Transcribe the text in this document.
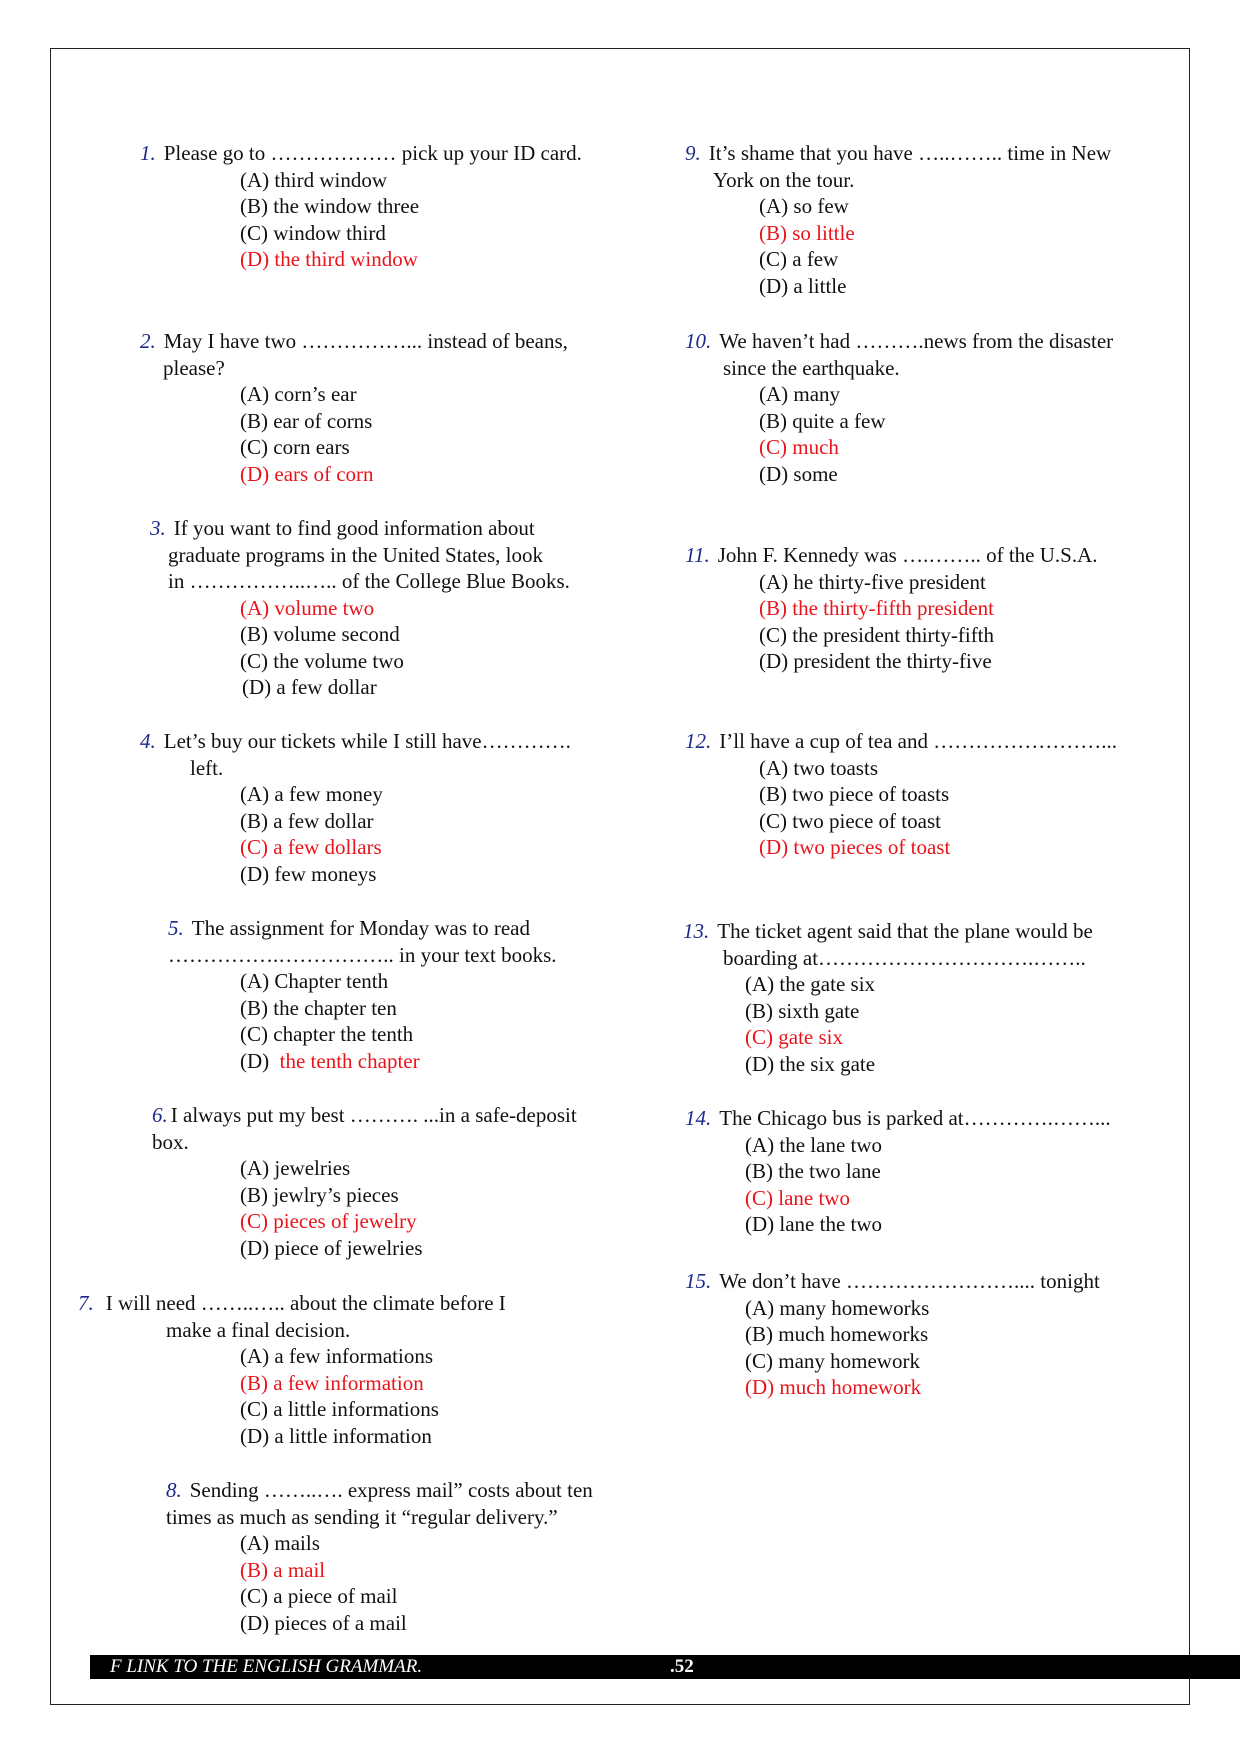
1. Please go to ……………… pick up your ID card.
(A) third window
(B) the window three
(C) window third
(D) the third window
2. May I have two ……………... instead of beans,
please?
(A) corn’s ear
(B) ear of corns
(C) corn ears
(D) ears of corn
3. If you want to find good information about
graduate programs in the United States, look
in ……………..….. of the College Blue Books.
(A) volume two
(B) volume second
(C) the volume two
(D) a few dollar
4. Let’s buy our tickets while I still have………….
left.
(A) a few money
(B) a few dollar
(C) a few dollars
(D) few moneys
5. The assignment for Monday was to read
…………….…………….. in your text books.
(A) Chapter tenth
(B) the chapter ten
(C) chapter the tenth
(D) the tenth chapter
6. I always put my best ………. ...in a safe-deposit
box.
(A) jewelries
(B) jewlry’s pieces
(C) pieces of jewelry
(D) piece of jewelries
7. I will need ……..….. about the climate before I
make a final decision.
(A) a few informations
(B) a few information
(C) a little informations
(D) a little information
8. Sending ……..…. express mail” costs about ten
times as much as sending it “regular delivery.”
(A) mails
(B) a mail
(C) a piece of mail
(D) pieces of a mail
9. It’s shame that you have …..…….. time in New
York on the tour.
(A) so few
(B) so little
(C) a few
(D) a little
10. We haven’t had ……….news from the disaster
since the earthquake.
(A) many
(B) quite a few
(C) much
(D) some
11. John F. Kennedy was ….…….. of the U.S.A.
(A) he thirty-five president
(B) the thirty-fifth president
(C) the president thirty-fifth
(D) president the thirty-five
12. I’ll have a cup of tea and ……………………...
(A) two toasts
(B) two piece of toasts
(C) two piece of toast
(D) two pieces of toast
13. The ticket agent said that the plane would be
boarding at………………………….……..
(A) the gate six
(B) sixth gate
(C) gate six
(D) the six gate
14. The Chicago bus is parked at………….……...
(A) the lane two
(B) the two lane
(C) lane two
(D) lane the two
15. We don’t have …………………….... tonight
(A) many homeworks
(B) much homeworks
(C) many homework
(D) much homework
F LINK TO THE ENGLISH GRAMMAR.	.52
